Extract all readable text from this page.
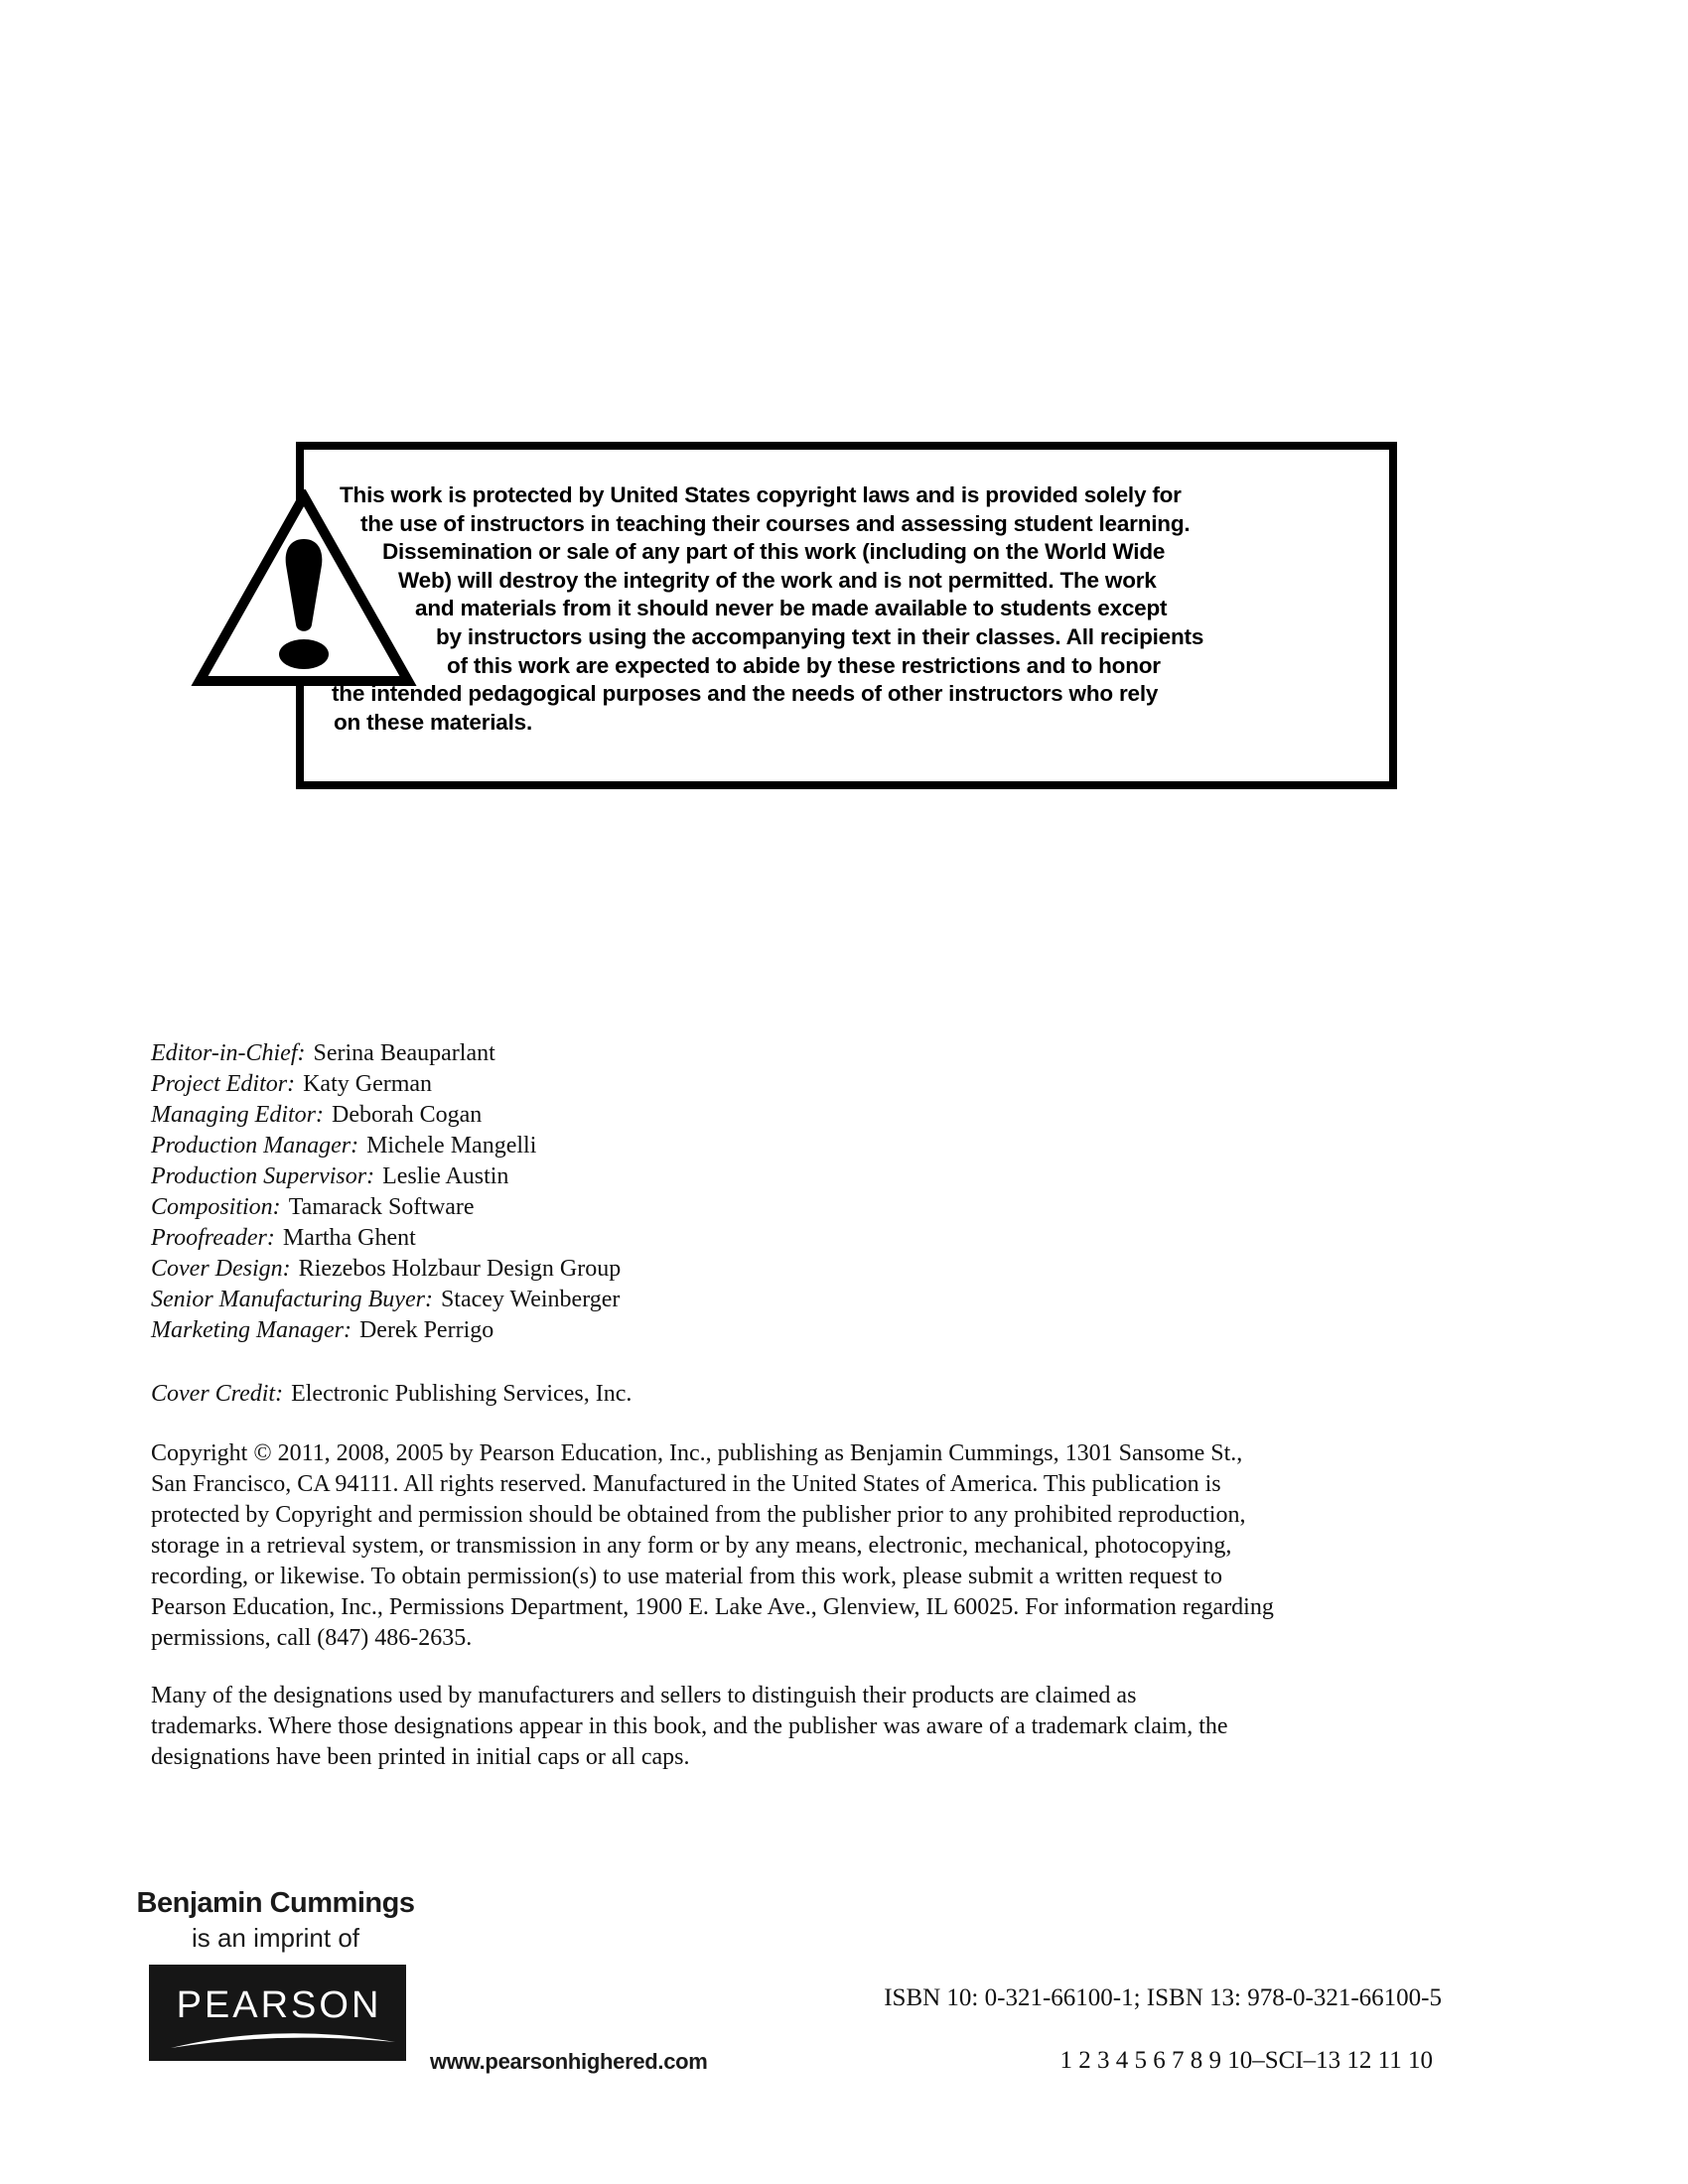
This work is protected by United States copyright laws and is provided solely for
the use of instructors in teaching their courses and assessing student learning.
Dissemination or sale of any part of this work (including on the World Wide
Web) will destroy the integrity of the work and is not permitted. The work
and materials from it should never be made available to students except
by instructors using the accompanying text in their classes. All recipients
of this work are expected to abide by these restrictions and to honor
the intended pedagogical purposes and the needs of other instructors who rely
on these materials.
Editor-in-Chief: Serina Beauparlant
Project Editor: Katy German
Managing Editor: Deborah Cogan
Production Manager: Michele Mangelli
Production Supervisor: Leslie Austin
Composition: Tamarack Software
Proofreader: Martha Ghent
Cover Design: Riezebos Holzbaur Design Group
Senior Manufacturing Buyer: Stacey Weinberger
Marketing Manager: Derek Perrigo
Cover Credit: Electronic Publishing Services, Inc.
Copyright © 2011, 2008, 2005 by Pearson Education, Inc., publishing as Benjamin Cummings, 1301 Sansome St.,
San Francisco, CA 94111. All rights reserved. Manufactured in the United States of America. This publication is
protected by Copyright and permission should be obtained from the publisher prior to any prohibited reproduction,
storage in a retrieval system, or transmission in any form or by any means, electronic, mechanical, photocopying,
recording, or likewise. To obtain permission(s) to use material from this work, please submit a written request to
Pearson Education, Inc., Permissions Department, 1900 E. Lake Ave., Glenview, IL 60025. For information regarding
permissions, call (847) 486-2635.
Many of the designations used by manufacturers and sellers to distinguish their products are claimed as
trademarks. Where those designations appear in this book, and the publisher was aware of a trademark claim, the
designations have been printed in initial caps or all caps.
Benjamin Cummings
is an imprint of
PEARSON	ISBN 10: 0-321-66100-1; ISBN 13: 978-0-321-66100-5
www.pearsonhighered.com	1 2 3 4 5 6 7 8 9 10–SCI–13 12 11 10
